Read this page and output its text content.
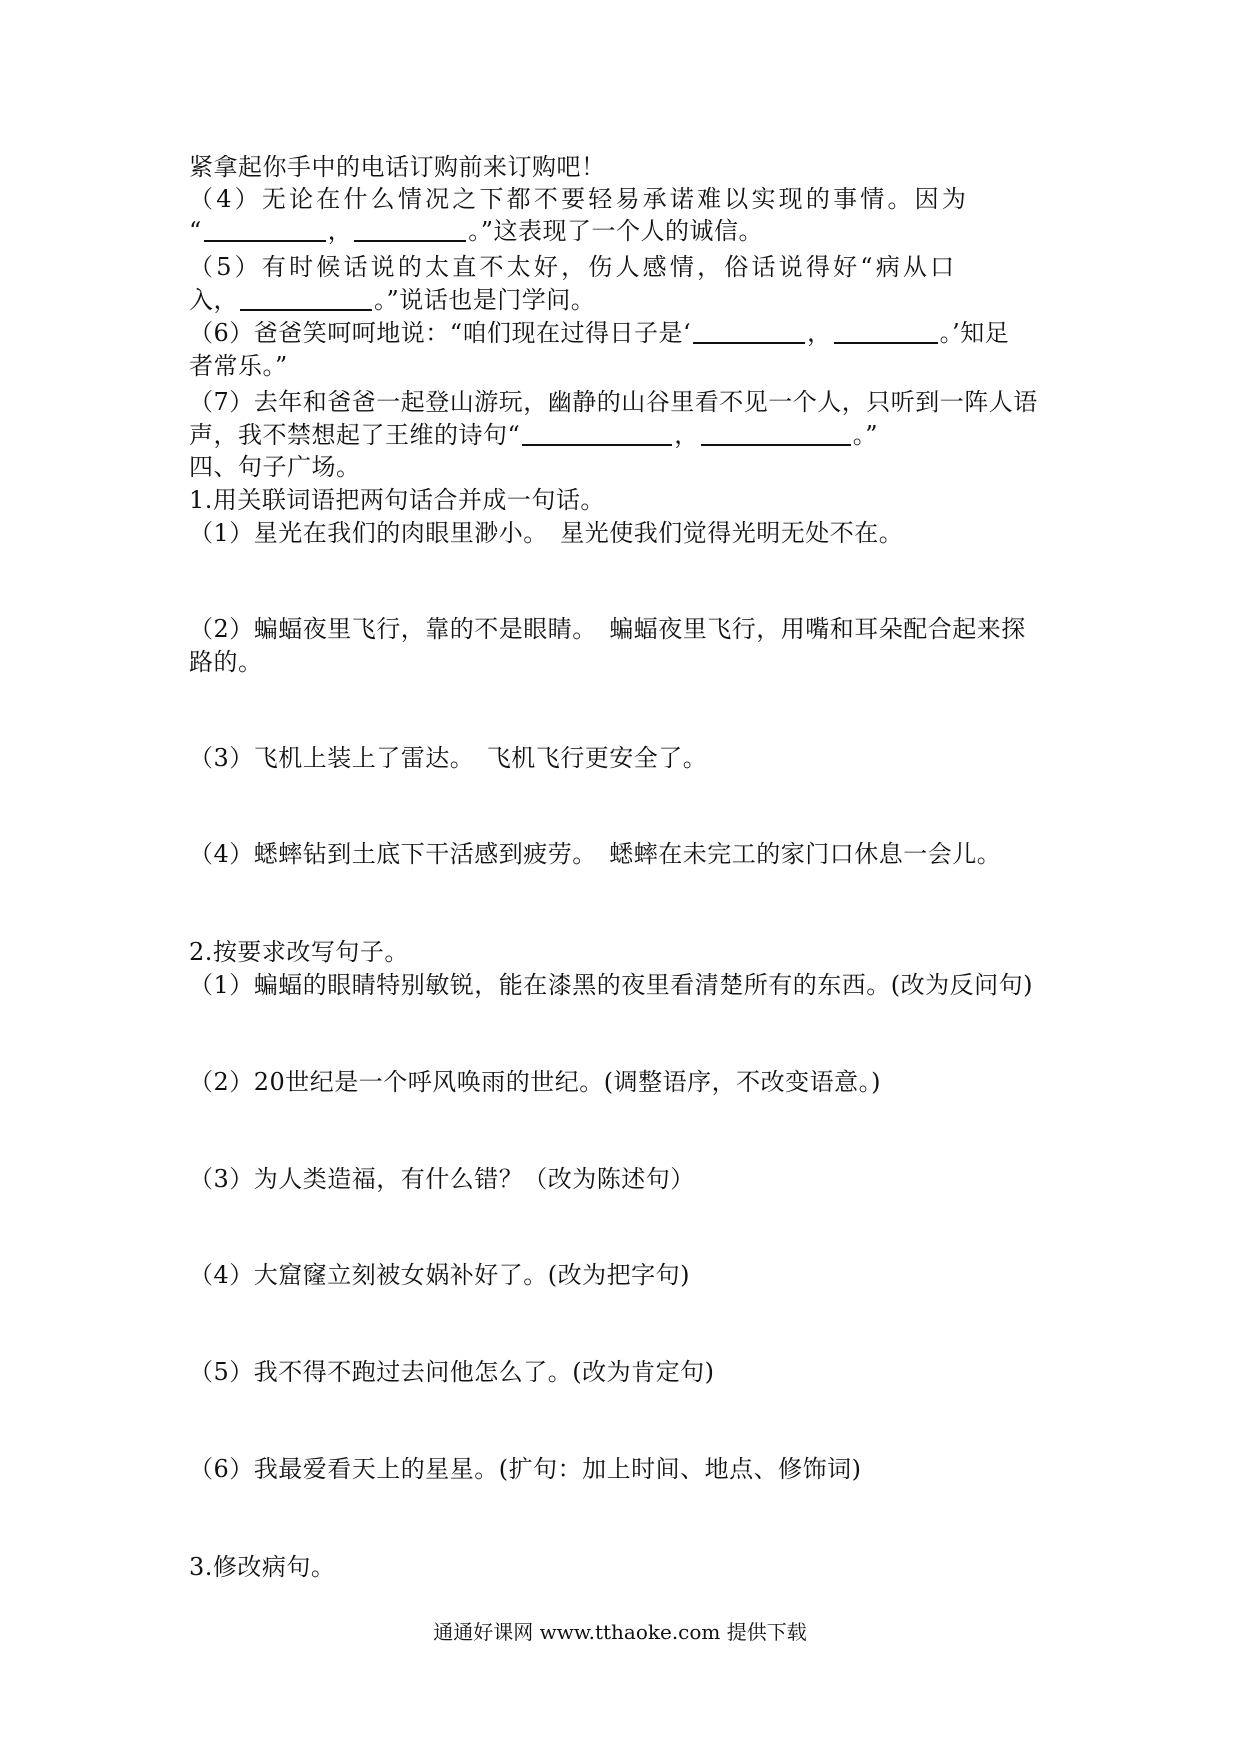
紧拿起你手中的电话订购前来订购吧！
（4）无论在什么情况之下都不要轻易承诺难以实现的事情。因为
“	，	。”这表现了一个人的诚信。
（5）有时候话说的太直不太好，伤人感情，俗话说得好“病从口
入，	。”说话也是门学问。
（6）爸爸笑呵呵地说：“咱们现在过得日子是‘	，	。’知足
者常乐。”
（7）去年和爸爸一起登山游玩，幽静的山谷里看不见一个人，只听到一阵人语
声，我不禁想起了王维的诗句“	，	。”
四、句子广场。
1.用关联词语把两句话合并成一句话。
（1）星光在我们的肉眼里渺小。　星光使我们觉得光明无处不在。
（2）蝙蝠夜里飞行，靠的不是眼睛。　蝙蝠夜里飞行，用嘴和耳朵配合起来探
路的。
（3）飞机上装上了雷达。　飞机飞行更安全了。
（4）蟋蟀钻到土底下干活感到疲劳。　蟋蟀在未完工的家门口休息一会儿。
2.按要求改写句子。
（1）蝙蝠的眼睛特别敏锐，能在漆黑的夜里看清楚所有的东西。(改为反问句)
（2）20世纪是一个呼风唤雨的世纪。(调整语序，不改变语意。)
（3）为人类造福，有什么错？（改为陈述句）
（4）大窟窿立刻被女娲补好了。(改为把字句)
（5）我不得不跑过去问他怎么了。(改为肯定句)
（6）我最爱看天上的星星。(扩句：加上时间、地点、修饰词)
3.修改病句。
通通好课网 www.tthaoke.com 提供下载
